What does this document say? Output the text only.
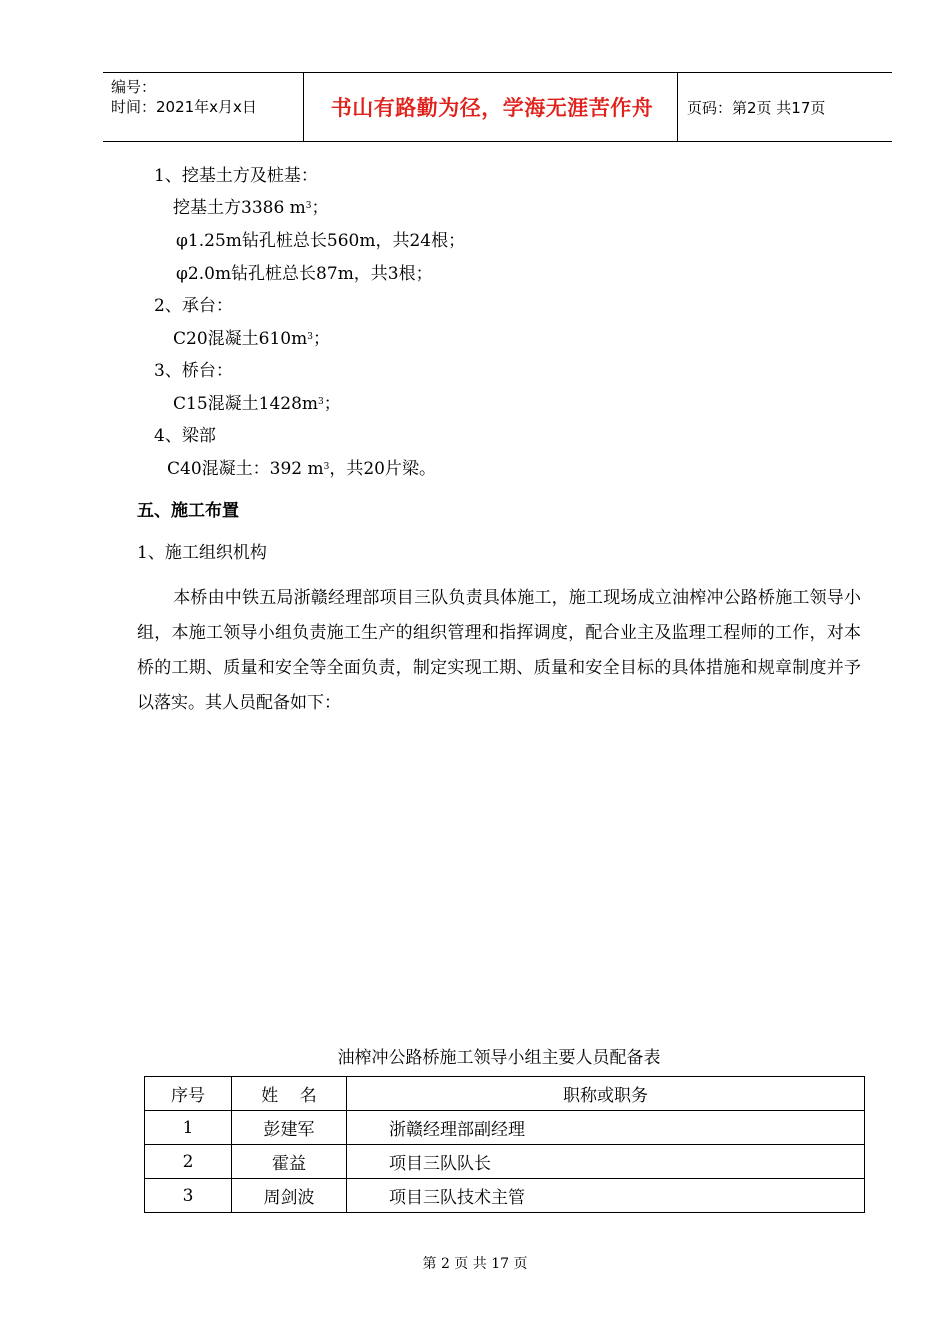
编号：
时间：2021年x月x日	书山有路勤为径，学海无涯苦作舟	页码：第2页 共17页
1、挖基土方及桩基：
挖基土方3386 $m^3$；
φ1.25m钻孔桩总长560m，共24根；
φ2.0m钻孔桩总长87m，共3根；
2、承台：
C20混凝土$610m^3$；
3、桥台：
C15混凝土$1428m^3$；
4、梁部
C40混凝土：392 $m^3$，共20片梁。
五、施工布置
1、施工组织机构
本桥由中铁五局浙赣经理部项目三队负责具体施工，施工现场成立油榨冲公路桥施工领导小组，本施工领导小组负责施工生产的组织管理和指挥调度，配合业主及监理工程师的工作，对本桥的工期、质量和安全等全面负责，制定实现工期、质量和安全目标的具体措施和规章制度并予以落实。其人员配备如下：
油榨冲公路桥施工领导小组主要人员配备表
序号	姓    名	职称或职务
1	彭建军	浙赣经理部副经理
2	霍益	项目三队队长
3	周剑波	项目三队技术主管
第 2 页 共 17 页
